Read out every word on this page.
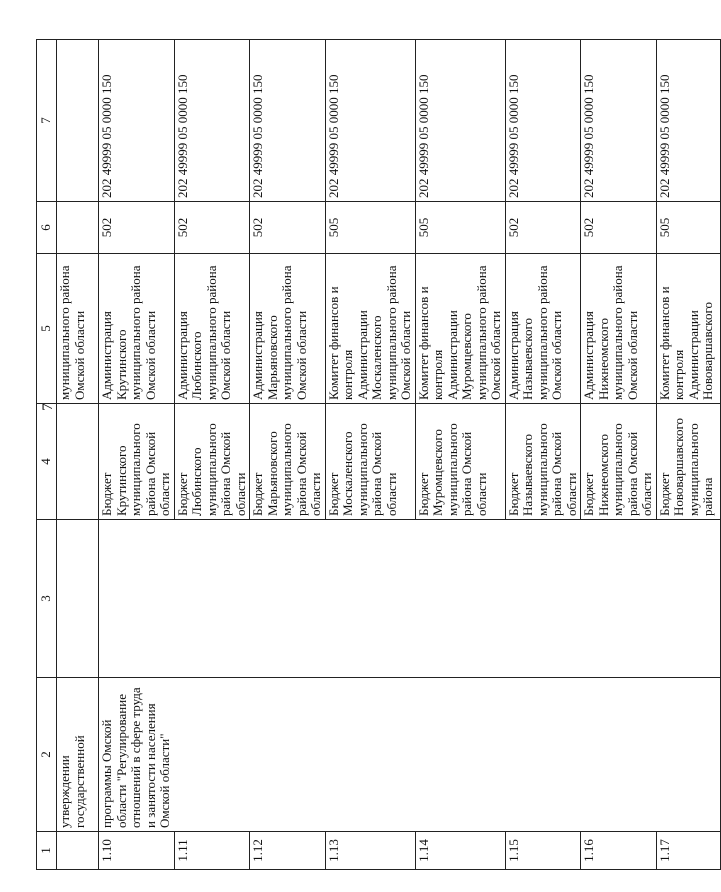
7
1	2	3	4	5	6	7
	утверждении государственной			муниципального района Омской области		
1.10	программы Омской области "Регулирование отношений в сфере труда и занятости населения Омской области"		Бюджет Крутинского муниципального района Омской области	Администрация Крутинского муниципального района Омской области	502	202 49999 05 0000 150
1.11			Бюджет Любинского муниципального района Омской области	Администрация Любинского муниципального района Омской области	502	202 49999 05 0000 150
1.12			Бюджет Марьяновского муниципального района Омской области	Администрация Марьяновского муниципального района Омской области	502	202 49999 05 0000 150
1.13			Бюджет Москаленского муниципального района Омской области	Комитет финансов и контроля Администрации Москаленского муниципального района Омской области	505	202 49999 05 0000 150
1.14			Бюджет Муромцевского муниципального района Омской области	Комитет финансов и контроля Администрации Муромцевского муниципального района Омской области	505	202 49999 05 0000 150
1.15			Бюджет Называевского муниципального района Омской области	Администрация Называевского муниципального района Омской области	502	202 49999 05 0000 150
1.16			Бюджет Нижнеомского муниципального района Омской области	Администрация Нижнеомского муниципального района Омской области	502	202 49999 05 0000 150
1.17			Бюджет Нововаршавского муниципального района	Комитет финансов и контроля Администрации Нововаршавского	505	202 49999 05 0000 150
